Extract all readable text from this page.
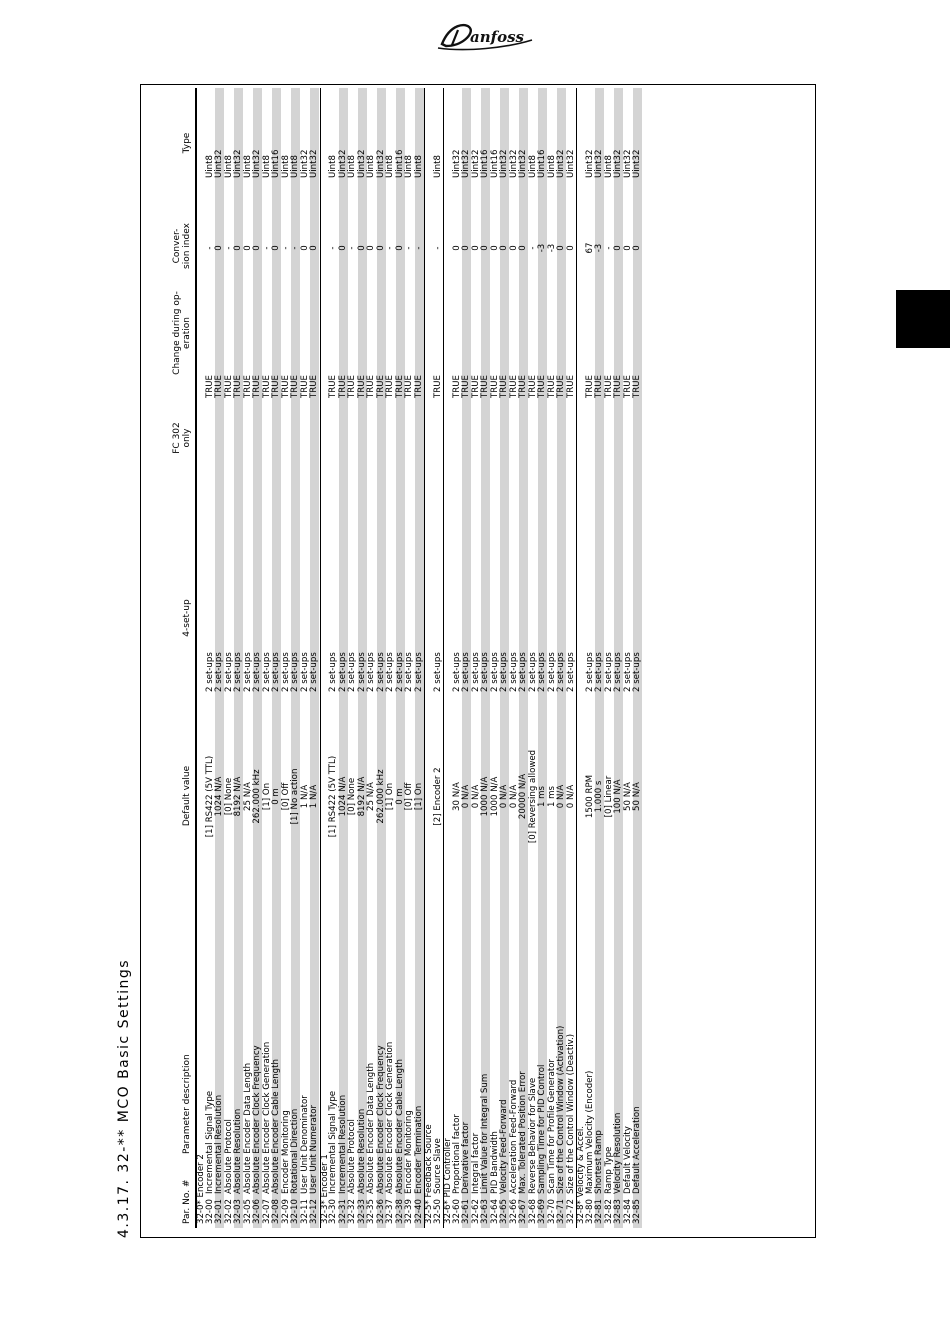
anfoss
4.3.17. 32-** MCO Basic Settings	Par. No. #
Parameter description
Default value
4-set-up
FC 302 only
Change during op- eration
Conver- sion index
Type
32-0* Encoder 2
32-00
Incremental Signal Type
[1] RS422 (5V TTL)
2 set-ups
TRUE
-
Uint8
32-01
Incremental Resolution
1024 N/A
2 set-ups
TRUE
0
Uint32
32-02
Absolute Protocol
[0] None
2 set-ups
TRUE
-
Uint8
32-03
Absolute Resolution
8192 N/A
2 set-ups
TRUE
0
Uint32
32-05
Absolute Encoder Data Length
25 N/A
2 set-ups
TRUE
0
Uint8
32-06
Absolute Encoder Clock Frequency
262.000 kHz
2 set-ups
TRUE
0
Uint32
32-07
Absolute Encoder Clock Generation
[1] On
2 set-ups
TRUE
-
Uint8
32-08
Absolute Encoder Cable Length
0 m
2 set-ups
TRUE
0
Uint16
32-09
Encoder Monitoring
[0] Off
2 set-ups
TRUE
-
Uint8
32-10
Rotational Direction
[1] No action
2 set-ups
TRUE
-
Uint8
32-11
User Unit Denominator
1 N/A
2 set-ups
TRUE
0
Uint32
32-12
User Unit Numerator
1 N/A
2 set-ups
TRUE
0
Uint32
32-3* Encoder 1
32-30
Incremental Signal Type
[1] RS422 (5V TTL)
2 set-ups
TRUE
-
Uint8
32-31
Incremental Resolution
1024 N/A
2 set-ups
TRUE
0
Uint32
32-32
Absolute Protocol
[0] None
2 set-ups
TRUE
-
Uint8
32-33
Absolute Resolution
8192 N/A
2 set-ups
TRUE
0
Uint32
32-35
Absolute Encoder Data Length
25 N/A
2 set-ups
TRUE
0
Uint8
32-36
Absolute Encoder Clock Frequency
262.000 kHz
2 set-ups
TRUE
0
Uint32
32-37
Absolute Encoder Clock Generation
[1] On
2 set-ups
TRUE
-
Uint8
32-38
Absolute Encoder Cable Length
0 m
2 set-ups
TRUE
0
Uint16
32-39
Encoder Monitoring
[0] Off
2 set-ups
TRUE
-
Uint8
32-40
Encoder Termination
[1] On
2 set-ups
TRUE
-
Uint8
32-5* Feedback Source
32-50
Source Slave
[2] Encoder 2
2 set-ups
TRUE
-
Uint8
32-6* PID Controller
32-60
Proportional factor
30 N/A
2 set-ups
TRUE
0
Uint32
32-61
Derivative factor
0 N/A
2 set-ups
TRUE
0
Uint32
32-62
Integral factor
0 N/A
2 set-ups
TRUE
0
Uint32
32-63
Limit Value for Integral Sum
1000 N/A
2 set-ups
TRUE
0
Uint16
32-64
PID Bandwidth
1000 N/A
2 set-ups
TRUE
0
Uint16
32-65
Velocity Feed-Forward
0 N/A
2 set-ups
TRUE
0
Uint32
32-66
Acceleration Feed-Forward
0 N/A
2 set-ups
TRUE
0
Uint32
32-67
Max. Tolerated Position Error
20000 N/A
2 set-ups
TRUE
0
Uint32
32-68
Reverse Behavior for Slave
[0] Reversing allowed
2 set-ups
TRUE
-
Uint8
32-69
Sampling Time for PID Control
1 ms
2 set-ups
TRUE
-3
Uint16
32-70
Scan Time for Profile Generator
1 ms
2 set-ups
TRUE
-3
Uint8
32-71
Size of the Control Window (Activation)
0 N/A
2 set-ups
TRUE
0
Uint32
32-72
Size of the Control Window (Deactiv.)
0 N/A
2 set-ups
TRUE
0
Uint32
32-8* Velocity & Accel.
32-80
Maximum Velocity (Encoder)
1500 RPM
2 set-ups
TRUE
67
Uint32
32-81
Shortest Ramp
1.000 s
2 set-ups
TRUE
-3
Uint32
32-82
Ramp Type
[0] Linear
2 set-ups
TRUE
-
Uint8
32-83
Velocity Resolution
100 N/A
2 set-ups
TRUE
0
Uint32
32-84
Default Velocity
50 N/A
2 set-ups
TRUE
0
Uint32
32-85
Default Acceleration
50 N/A
2 set-ups
TRUE
0
Uint32
